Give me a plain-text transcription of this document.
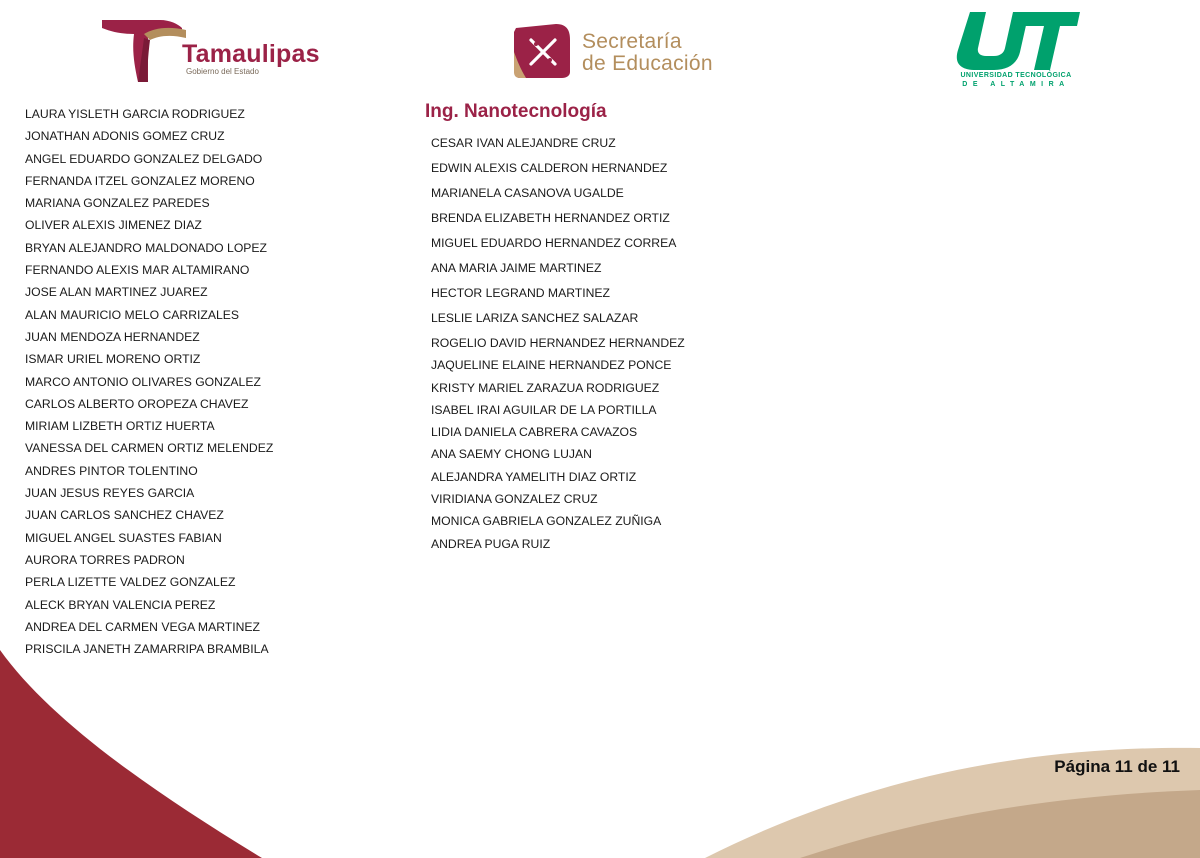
Tamaulipas
Gobierno del Estado
Secretaría
de Educación
UNIVERSIDAD TECNOLÓGICA
DE ALTAMIRA
LAURA YISLETH GARCIA RODRIGUEZ
JONATHAN ADONIS GOMEZ CRUZ
ANGEL EDUARDO GONZALEZ DELGADO
FERNANDA ITZEL GONZALEZ MORENO
MARIANA GONZALEZ PAREDES
OLIVER ALEXIS JIMENEZ DIAZ
BRYAN ALEJANDRO MALDONADO LOPEZ
FERNANDO ALEXIS MAR ALTAMIRANO
JOSE ALAN MARTINEZ JUAREZ
ALAN MAURICIO MELO CARRIZALES
JUAN MENDOZA HERNANDEZ
ISMAR URIEL MORENO ORTIZ
MARCO ANTONIO OLIVARES GONZALEZ
CARLOS ALBERTO OROPEZA CHAVEZ
MIRIAM LIZBETH ORTIZ HUERTA
VANESSA DEL CARMEN ORTIZ MELENDEZ
ANDRES PINTOR TOLENTINO
JUAN JESUS REYES GARCIA
JUAN CARLOS SANCHEZ CHAVEZ
MIGUEL ANGEL SUASTES FABIAN
AURORA TORRES PADRON
PERLA LIZETTE VALDEZ GONZALEZ
ALECK BRYAN VALENCIA PEREZ
ANDREA DEL CARMEN VEGA MARTINEZ
PRISCILA JANETH ZAMARRIPA BRAMBILA
Ing. Nanotecnología
CESAR IVAN ALEJANDRE CRUZ
EDWIN ALEXIS CALDERON HERNANDEZ
MARIANELA CASANOVA UGALDE
BRENDA ELIZABETH HERNANDEZ ORTIZ
MIGUEL EDUARDO HERNANDEZ CORREA
ANA MARIA JAIME MARTINEZ
HECTOR LEGRAND MARTINEZ
LESLIE LARIZA SANCHEZ SALAZAR
ROGELIO DAVID HERNANDEZ HERNANDEZ
JAQUELINE ELAINE HERNANDEZ PONCE
KRISTY MARIEL ZARAZUA RODRIGUEZ
ISABEL IRAI AGUILAR DE LA PORTILLA
LIDIA DANIELA CABRERA CAVAZOS
ANA SAEMY CHONG LUJAN
ALEJANDRA YAMELITH DIAZ ORTIZ
VIRIDIANA GONZALEZ CRUZ
MONICA GABRIELA GONZALEZ ZUÑIGA
ANDREA PUGA RUIZ
Página 11 de 11
